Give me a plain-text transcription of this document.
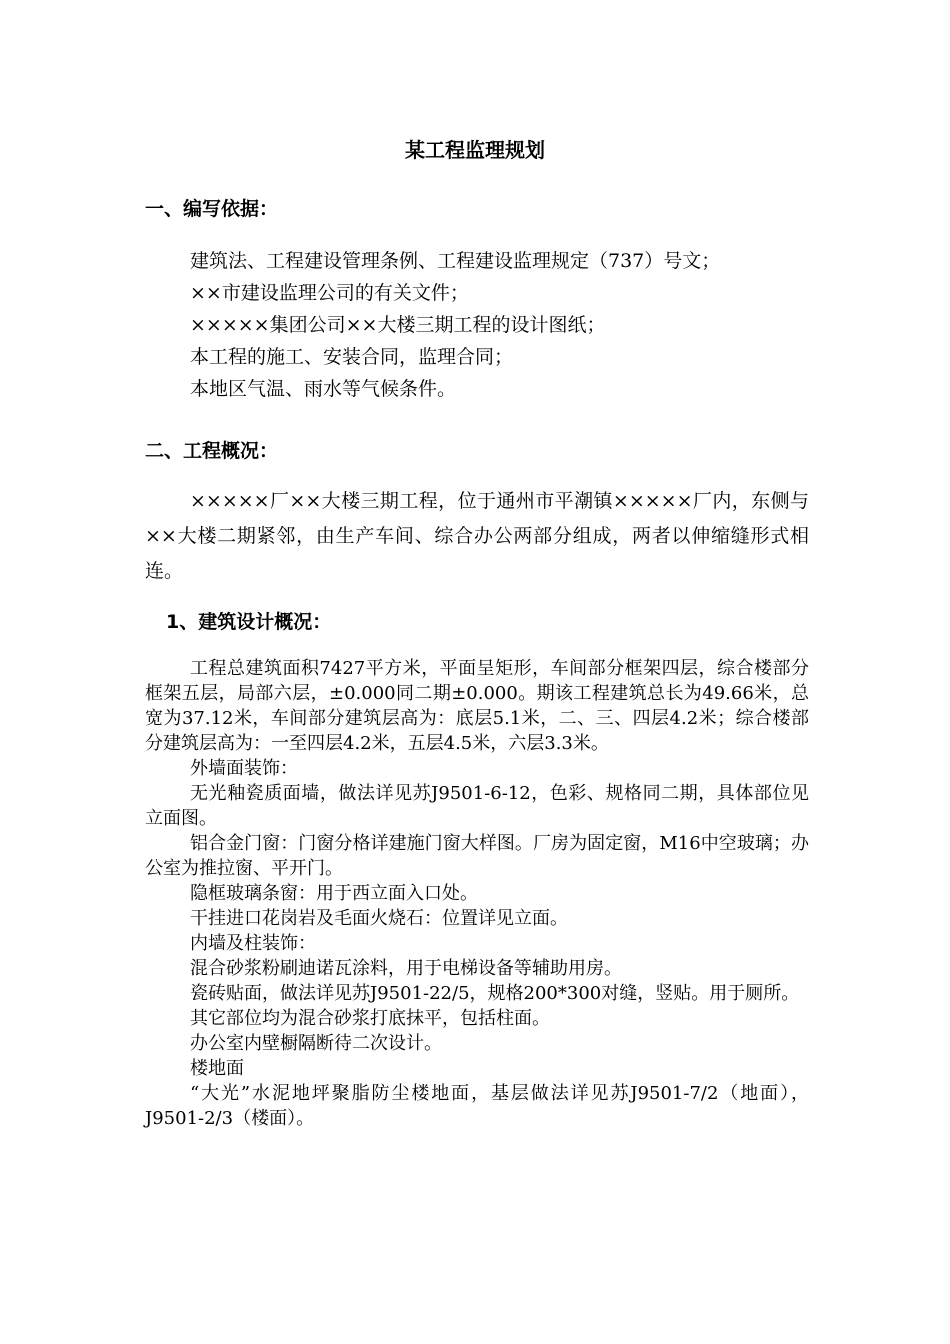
某工程监理规划
一、编写依据：
建筑法、工程建设管理条例、工程建设监理规定（737）号文；
××市建设监理公司的有关文件；
×××××集团公司××大楼三期工程的设计图纸；
本工程的施工、安装合同，监理合同；
本地区气温、雨水等气候条件。
二、工程概况：
×××××厂××大楼三期工程，位于通州市平潮镇×××××厂内，东侧与××大楼二期紧邻，由生产车间、综合办公两部分组成，两者以伸缩缝形式相连。
1、建筑设计概况：
工程总建筑面积7427平方米，平面呈矩形，车间部分框架四层，综合楼部分框架五层，局部六层，±0.000同二期±0.000。期该工程建筑总长为49.66米，总宽为37.12米，车间部分建筑层高为：底层5.1米，二、三、四层4.2米；综合楼部分建筑层高为：一至四层4.2米，五层4.5米，六层3.3米。
外墙面装饰：
无光釉瓷质面墙，做法详见苏J9501-6-12，色彩、规格同二期，具体部位见立面图。
铝合金门窗：门窗分格详建施门窗大样图。厂房为固定窗，M16中空玻璃；办公室为推拉窗、平开门。
隐框玻璃条窗：用于西立面入口处。
干挂进口花岗岩及毛面火烧石：位置详见立面。
内墙及柱装饰：
混合砂浆粉刷迪诺瓦涂料，用于电梯设备等辅助用房。
瓷砖贴面，做法详见苏J9501-22/5，规格200*300对缝，竖贴。用于厕所。
其它部位均为混合砂浆打底抹平，包括柱面。
办公室内壁橱隔断待二次设计。
楼地面
“大光”水泥地坪聚脂防尘楼地面，基层做法详见苏J9501-7/2（地面），J9501-2/3（楼面）。
